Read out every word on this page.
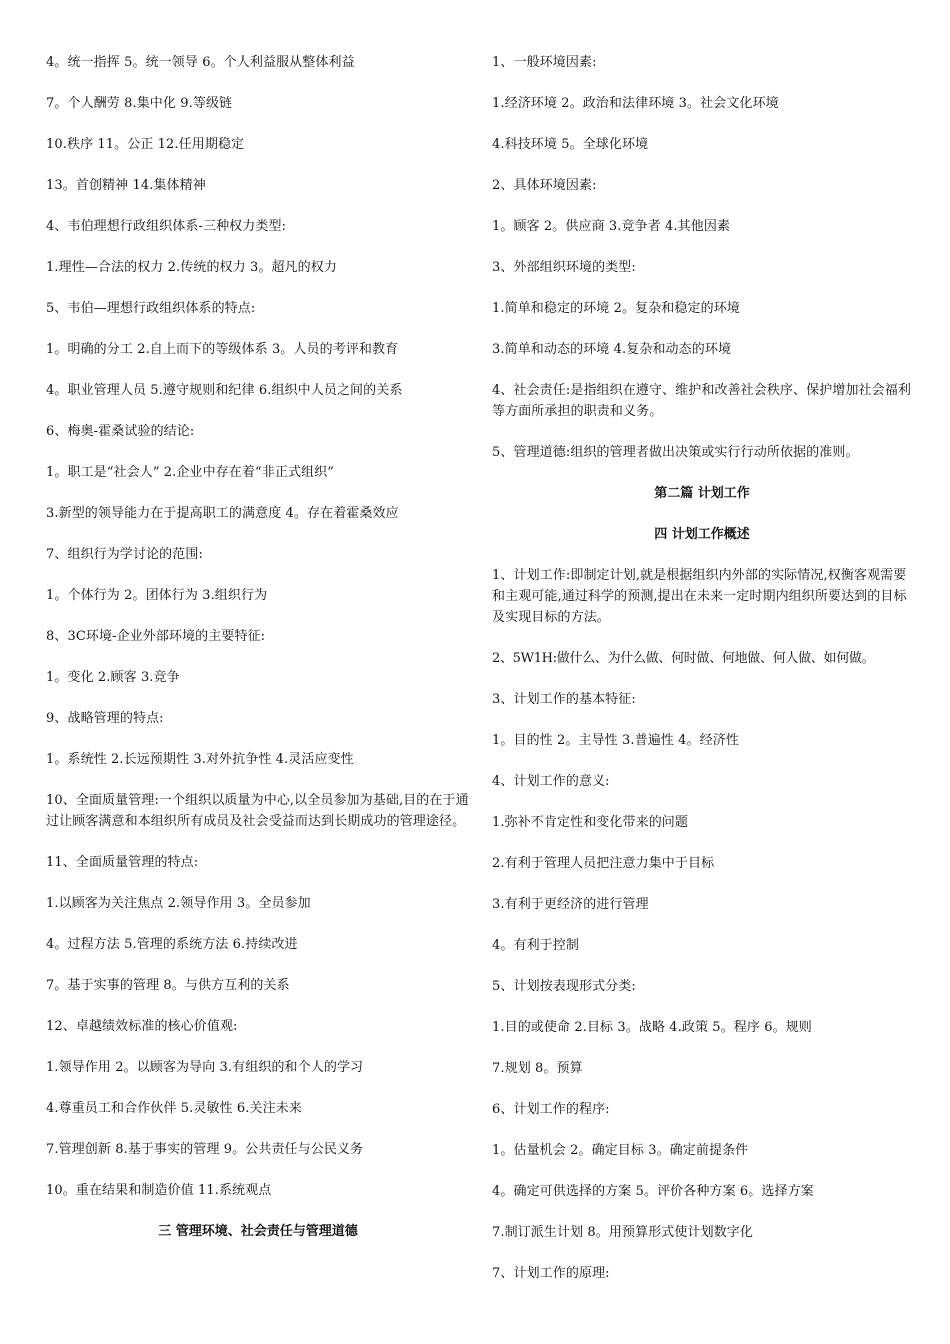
4。统一指挥 5。统一领导 6。个人利益服从整体利益

7。个人酬劳 8.集中化 9.等级链

10.秩序 11。公正 12.任用期稳定

13。首创精神 14.集体精神

4、韦伯理想行政组织体系-三种权力类型:

1.理性—合法的权力 2.传统的权力 3。超凡的权力

5、韦伯—理想行政组织体系的特点:

1。明确的分工 2.自上而下的等级体系 3。人员的考评和教育

4。职业管理人员 5.遵守规则和纪律 6.组织中人员之间的关系

6、梅奥-霍桑试验的结论:

1。职工是“社会人” 2.企业中存在着“非正式组织”

3.新型的领导能力在于提高职工的满意度 4。存在着霍桑效应

7、组织行为学讨论的范围:

1。个体行为 2。团体行为 3.组织行为

8、3C环境-企业外部环境的主要特征:

1。变化 2.顾客 3.竞争

9、战略管理的特点:

1。系统性 2.长远预期性 3.对外抗争性 4.灵活应变性

10、全面质量管理:一个组织以质量为中心,以全员参加为基础,目的在于通过让顾客满意和本组织所有成员及社会受益而达到长期成功的管理途径。

11、全面质量管理的特点:

1.以顾客为关注焦点 2.领导作用 3。全员参加

4。过程方法 5.管理的系统方法 6.持续改进

7。基于实事的管理 8。与供方互利的关系

12、卓越绩效标准的核心价值观:

1.领导作用 2。以顾客为导向 3.有组织的和个人的学习

4.尊重员工和合作伙伴 5.灵敏性 6.关注未来

7.管理创新 8.基于事实的管理 9。公共责任与公民义务

10。重在结果和制造价值 11.系统观点

三 管理环境、社会责任与管理道德

1、一般环境因素:

1.经济环境 2。政治和法律环境 3。社会文化环境

4.科技环境 5。全球化环境

2、具体环境因素:

1。顾客 2。供应商 3.竞争者 4.其他因素

3、外部组织环境的类型:

1.简单和稳定的环境 2。复杂和稳定的环境

3.简单和动态的环境 4.复杂和动态的环境

4、社会责任:是指组织在遵守、维护和改善社会秩序、保护增加社会福利等方面所承担的职责和义务。

5、管理道德:组织的管理者做出决策或实行行动所依据的准则。

第二篇 计划工作

四 计划工作概述

1、计划工作:即制定计划,就是根据组织内外部的实际情况,权衡客观需要和主观可能,通过科学的预测,提出在未来一定时期内组织所要达到的目标及实现目标的方法。

2、5W1H:做什么、为什么做、何时做、何地做、何人做、如何做。

3、计划工作的基本特征:

1。目的性 2。主导性 3.普遍性 4。经济性

4、计划工作的意义:

1.弥补不肯定性和变化带来的问题

2.有利于管理人员把注意力集中于目标

3.有利于更经济的进行管理

4。有利于控制

5、计划按表现形式分类:

1.目的或使命 2.目标 3。战略 4.政策 5。程序 6。规则

7.规划 8。预算

6、计划工作的程序:

1。估量机会 2。确定目标 3。确定前提条件

4。确定可供选择的方案 5。评价各种方案 6。选择方案

7.制订派生计划 8。用预算形式使计划数字化

7、计划工作的原理:
